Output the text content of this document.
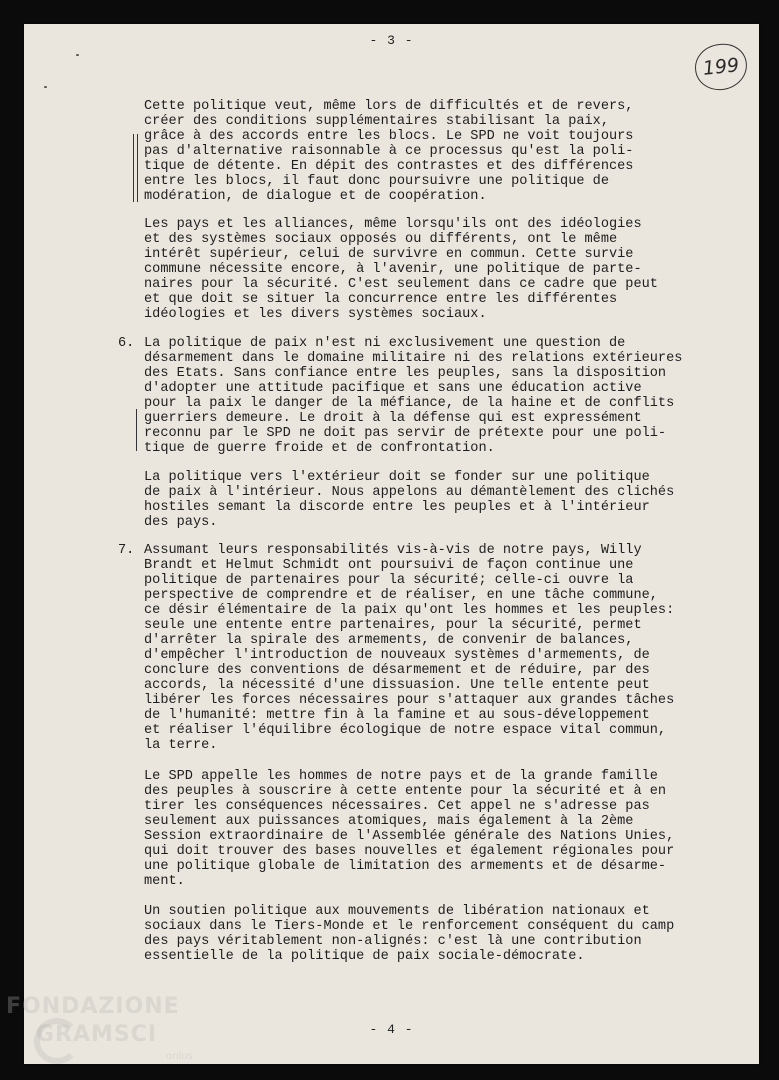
- 3 -
199

Cette politique veut, même lors de difficultés et de revers,
créer des conditions supplémentaires stabilisant la paix,
grâce à des accords entre les blocs. Le SPD ne voit toujours
pas d'alternative raisonnable à ce processus qu'est la poli-
tique de détente. En dépit des contrastes et des différences
entre les blocs, il faut donc poursuivre une politique de
modération, de dialogue et de coopération.

Les pays et les alliances, même lorsqu'ils ont des idéologies
et des systèmes sociaux opposés ou différents, ont le même
intérêt supérieur, celui de survivre en commun. Cette survie
commune nécessite encore, à l'avenir, une politique de parte-
naires pour la sécurité. C'est seulement dans ce cadre que peut
et que doit se situer la concurrence entre les différentes
idéologies et les divers systèmes sociaux.

6. La politique de paix n'est ni exclusivement une question de
désarmement dans le domaine militaire ni des relations extérieures
des Etats. Sans confiance entre les peuples, sans la disposition
d'adopter une attitude pacifique et sans une éducation active
pour la paix le danger de la méfiance, de la haine et de conflits
guerriers demeure. Le droit à la défense qui est expressément
reconnu par le SPD ne doit pas servir de prétexte pour une poli-
tique de guerre froide et de confrontation.

La politique vers l'extérieur doit se fonder sur une politique
de paix à l'intérieur. Nous appelons au démantèlement des clichés
hostiles semant la discorde entre les peuples et à l'intérieur
des pays.

7. Assumant leurs responsabilités vis-à-vis de notre pays, Willy
Brandt et Helmut Schmidt ont poursuivi de façon continue une
politique de partenaires pour la sécurité; celle-ci ouvre la
perspective de comprendre et de réaliser, en une tâche commune,
ce désir élémentaire de la paix qu'ont les hommes et les peuples:
seule une entente entre partenaires, pour la sécurité, permet
d'arrêter la spirale des armements, de convenir de balances,
d'empêcher l'introduction de nouveaux systèmes d'armements, de
conclure des conventions de désarmement et de réduire, par des
accords, la nécessité d'une dissuasion. Une telle entente peut
libérer les forces nécessaires pour s'attaquer aux grandes tâches
de l'humanité: mettre fin à la famine et au sous-développement
et réaliser l'équilibre écologique de notre espace vital commun,
la terre.

Le SPD appelle les hommes de notre pays et de la grande famille
des peuples à souscrire à cette entente pour la sécurité et à en
tirer les conséquences nécessaires. Cet appel ne s'adresse pas
seulement aux puissances atomiques, mais également à la 2ème
Session extraordinaire de l'Assemblée générale des Nations Unies,
qui doit trouver des bases nouvelles et également régionales pour
une politique globale de limitation des armements et de désarme-
ment.

Un soutien politique aux mouvements de libération nationaux et
sociaux dans le Tiers-Monde et le renforcement conséquent du camp
des pays véritablement non-alignés: c'est là une contribution
essentielle de la politique de paix sociale-démocrate.

- 4 -
FONDAZIONE
GRAMSCI
onlus
